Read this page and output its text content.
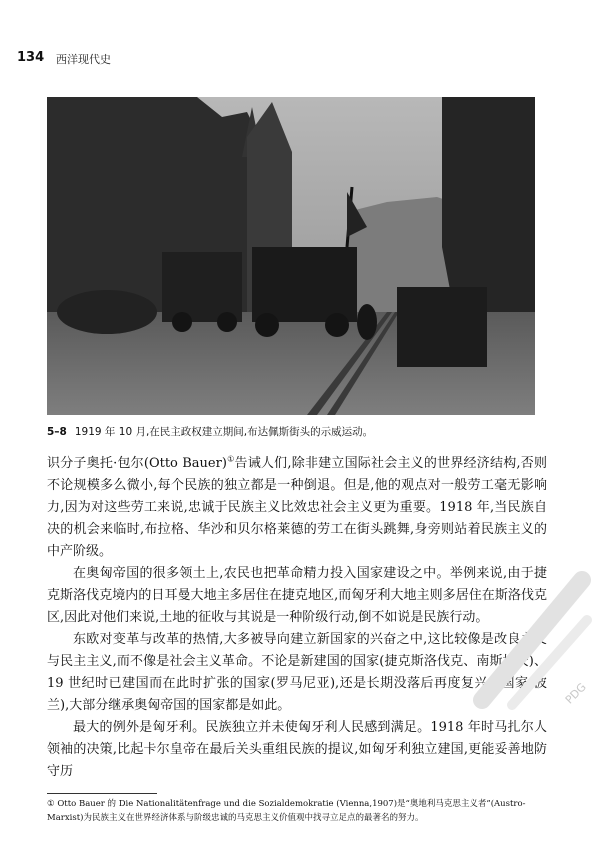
134 西洋现代史
5–8 1919 年 10 月,在民主政权建立期间,布达佩斯街头的示威运动。

识分子奥托·包尔(Otto Bauer)①告诫人们,除非建立国际社会主义的世界经济结构,否则不论规模多么微小,每个民族的独立都是一种倒退。但是,他的观点对一般劳工毫无影响力,因为对这些劳工来说,忠诚于民族主义比效忠社会主义更为重要。1918 年,当民族自决的机会来临时,布拉格、华沙和贝尔格莱德的劳工在街头跳舞,身旁则站着民族主义的中产阶级。

在奥匈帝国的很多领土上,农民也把革命精力投入国家建设之中。举例来说,由于捷克斯洛伐克境内的日耳曼大地主多居住在捷克地区,而匈牙利大地主则多居住在斯洛伐克区,因此对他们来说,土地的征收与其说是一种阶级行动,倒不如说是民族行动。

东欧对变革与改革的热情,大多被导向建立新国家的兴奋之中,这比较像是改良主义与民主主义,而不像是社会主义革命。不论是新建国的国家(捷克斯洛伐克、南斯拉夫)、19 世纪时已建国而在此时扩张的国家(罗马尼亚),还是长期没落后再度复兴的国家(波兰),大部分继承奥匈帝国的国家都是如此。

最大的例外是匈牙利。民族独立并未使匈牙利人民感到满足。1918 年时马扎尔人领袖的决策,比起卡尔皇帝在最后关头重组民族的提议,如匈牙利独立建国,更能妥善地防守历

① Otto Bauer 的 Die Nationalitätenfrage und die Sozialdemokratie (Vienna,1907)是“奥地利马克思主义者”(Austro-Marxist)为民族主义在世界经济体系与阶级忠诚的马克思主义价值观中找寻立足点的最著名的努力。
PDG
